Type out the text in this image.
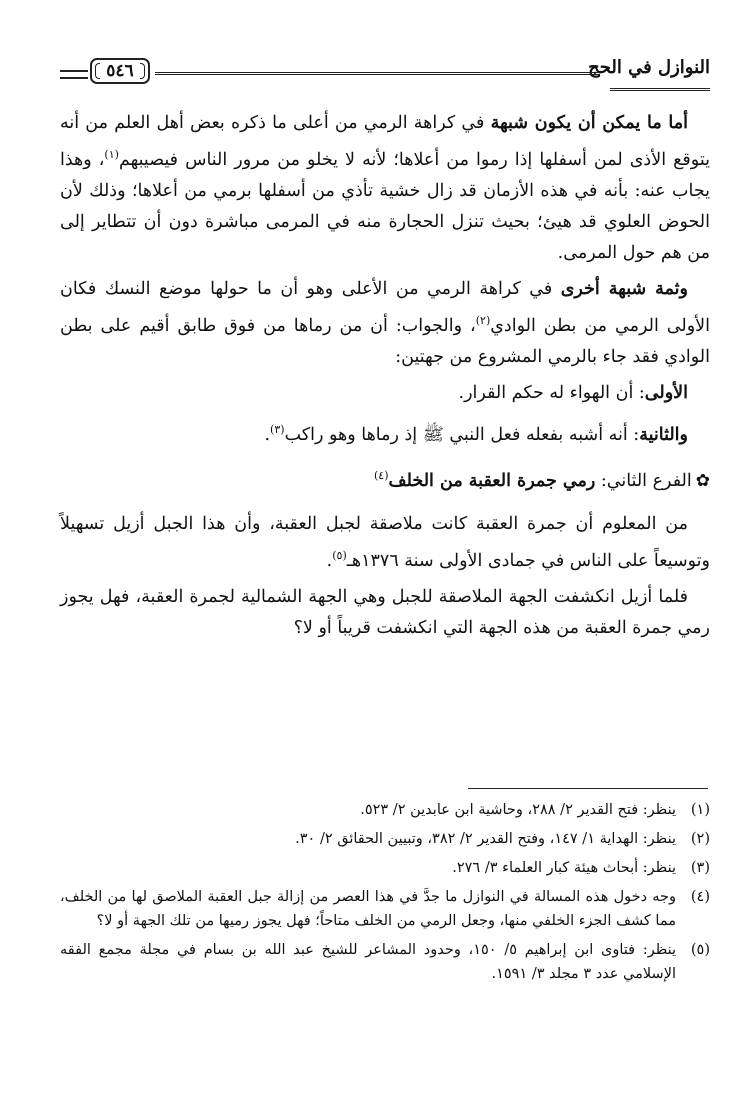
النوازل في الحج
٥٤٦

أما ما يمكن أن يكون شبهة في كراهة الرمي من أعلى ما ذكره بعض أهل العلم من أنه يتوقع الأذى لمن أسفلها إذا رموا من أعلاها؛ لأنه لا يخلو من مرور الناس فيصيبهم$^{(١)}$، وهذا يجاب عنه: بأنه في هذه الأزمان قد زال خشية تأذي من أسفلها برمي من أعلاها؛ وذلك لأن الحوض العلوي قد هيئ؛ بحيث تنزل الحجارة منه في المرمى مباشرة دون أن تتطاير إلى من هم حول المرمى.

وثمة شبهة أخرى في كراهة الرمي من الأعلى وهو أن ما حولها موضع النسك فكان الأولى الرمي من بطن الوادي$^{(٢)}$، والجواب: أن من رماها من فوق طابق أقيم على بطن الوادي فقد جاء بالرمي المشروع من جهتين:

الأولى: أن الهواء له حكم القرار.

والثانية: أنه أشبه بفعله فعل النبي ﷺ إذ رماها وهو راكب$^{(٣)}$.

✿الفرع الثاني: رمي جمرة العقبة من الخلف$^{(٤)}$

من المعلوم أن جمرة العقبة كانت ملاصقة لجبل العقبة، وأن هذا الجبل أزيل تسهيلاً وتوسيعاً على الناس في جمادى الأولى سنة ١٣٧٦هـ$^{(٥)}$.

فلما أزيل انكشفت الجهة الملاصقة للجبل وهي الجهة الشمالية لجمرة العقبة، فهل يجوز رمي جمرة العقبة من هذه الجهة التي انكشفت قريباً أو لا؟

(١)
ينظر: فتح القدير ٢/ ٢٨٨، وحاشية ابن عابدين ٢/ ٥٢٣.
(٢)
ينظر: الهداية ١/ ١٤٧، وفتح القدير ٢/ ٣٨٢، وتبيين الحقائق ٢/ ٣٠.
(٣)
ينظر: أبحاث هيئة كبار العلماء ٣/ ٢٧٦.
(٤)
وجه دخول هذه المسالة في النوازل ما جدَّ في هذا العصر من إزالة جبل العقبة الملاصق لها من الخلف، مما كشف الجزء الخلفي منها، وجعل الرمي من الخلف متاحاً؛ فهل يجوز رميها من تلك الجهة أو لا؟
(٥)
ينظر: فتاوى ابن إبراهيم ٥/ ١٥٠، وحدود المشاعر للشيخ عبد الله بن بسام في مجلة مجمع الفقه الإسلامي عدد ٣ مجلد ٣/ ١٥٩١.
